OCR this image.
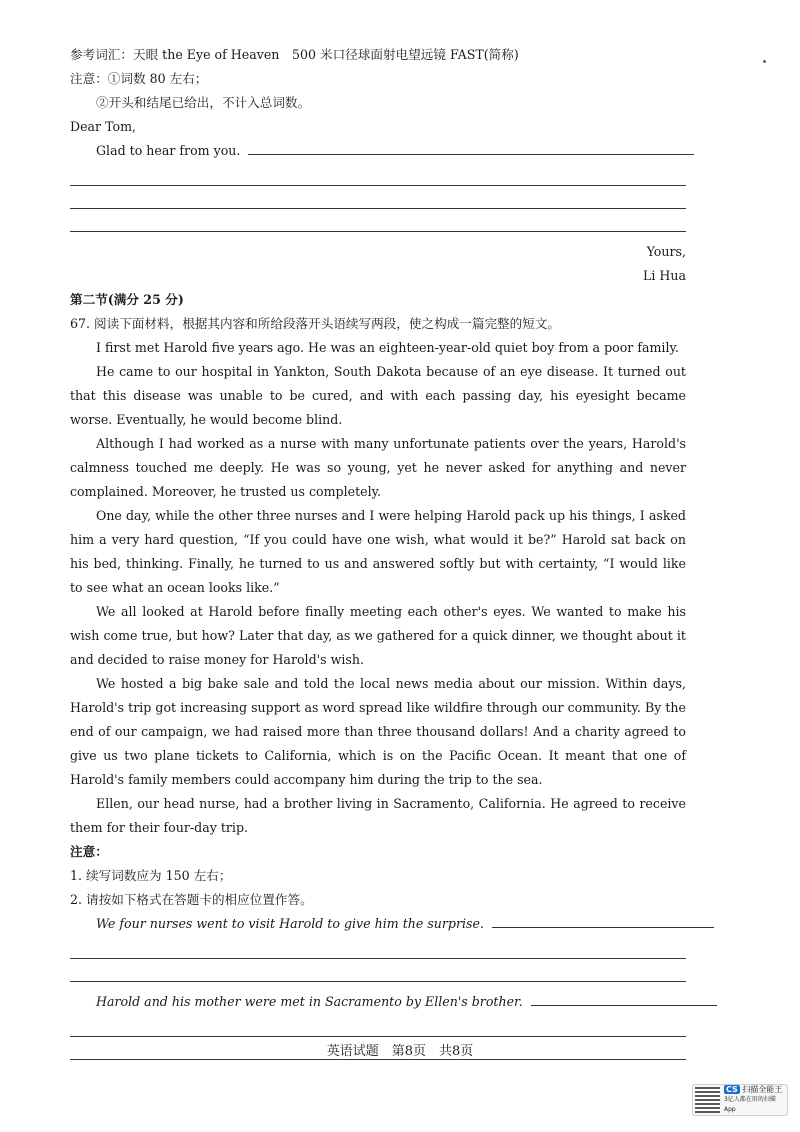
参考词汇：天眼 the Eye of Heaven　500 米口径球面射电望远镜 FAST(简称)
注意：①词数 80 左右；
②开头和结尾已给出，不计入总词数。
Dear Tom,
Glad to hear from you.
Yours,
Li Hua
第二节(满分 25 分)
67. 阅读下面材料，根据其内容和所给段落开头语续写两段，使之构成一篇完整的短文。
I first met Harold five years ago. He was an eighteen-year-old quiet boy from a poor family.
He came to our hospital in Yankton, South Dakota because of an eye disease. It turned out that this disease was unable to be cured, and with each passing day, his eyesight became worse. Eventually, he would become blind.
Although I had worked as a nurse with many unfortunate patients over the years, Harold's calmness touched me deeply. He was so young, yet he never asked for anything and never complained. Moreover, he trusted us completely.
One day, while the other three nurses and I were helping Harold pack up his things, I asked him a very hard question, “If you could have one wish, what would it be?” Harold sat back on his bed, thinking. Finally, he turned to us and answered softly but with certainty, “I would like to see what an ocean looks like.”
We all looked at Harold before finally meeting each other's eyes. We wanted to make his wish come true, but how? Later that day, as we gathered for a quick dinner, we thought about it and decided to raise money for Harold's wish.
We hosted a big bake sale and told the local news media about our mission. Within days, Harold's trip got increasing support as word spread like wildfire through our community. By the end of our campaign, we had raised more than three thousand dollars! And a charity agreed to give us two plane tickets to California, which is on the Pacific Ocean. It meant that one of Harold's family members could accompany him during the trip to the sea.
Ellen, our head nurse, had a brother living in Sacramento, California. He agreed to receive them for their four-day trip.
注意：
1. 续写词数应为 150 左右；
2. 请按如下格式在答题卡的相应位置作答。
We four nurses went to visit Harold to give him the surprise.
Harold and his mother were met in Sacramento by Ellen's brother.
英语试题　第8页　共8页
CS 扫描全能王
3亿人都在用的扫描App
